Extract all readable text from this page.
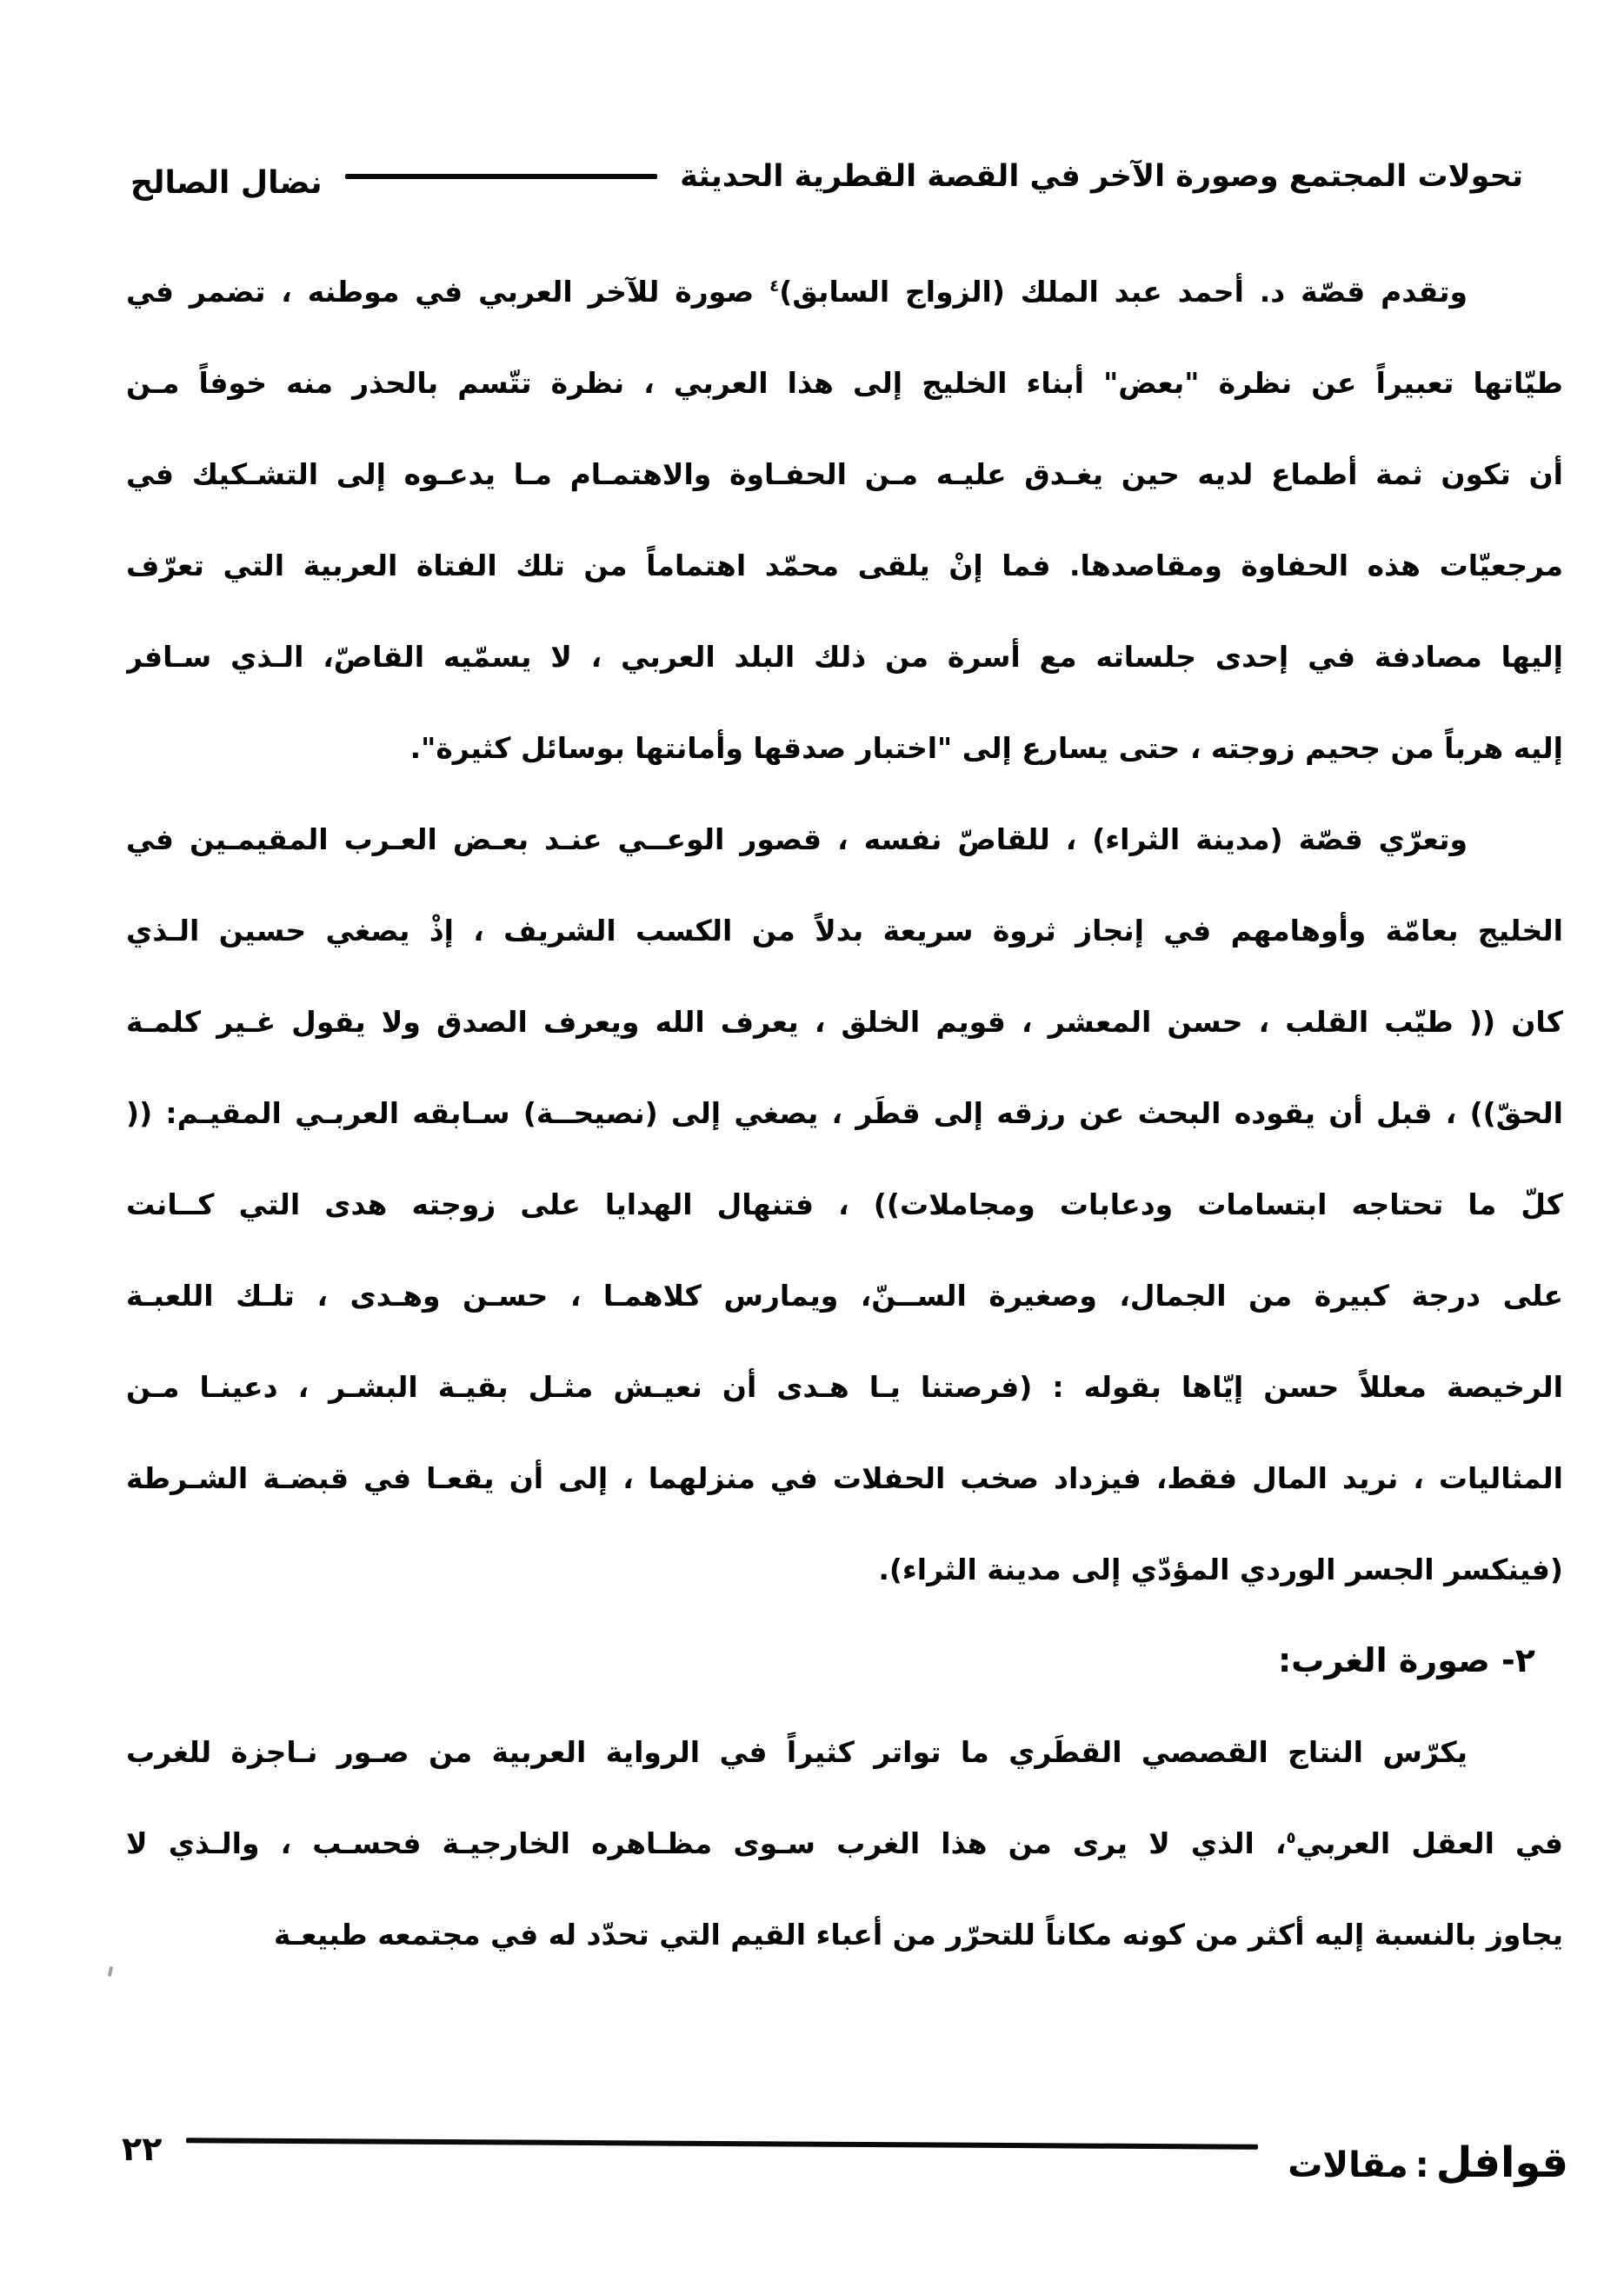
تحولات المجتمع وصورة الآخر في القصة القطرية الحديثة
نضال الصالح
وتقدم قصّة د. أحمد عبد الملك (الزواج السابق)$^٤$ صورة للآخر العربي في موطنه ، تضمر في
طيّاتها تعبيراً عن نظرة "بعض" أبناء الخليج إلى هذا العربي ، نظرة تتّسم بالحذر منه خوفاً مـن
أن تكون ثمة أطماع لديه حين يغـدق عليـه مـن الحفـاوة والاهتمـام مـا يدعـوه إلى التشـكيك في
مرجعيّات هذه الحفاوة ومقاصدها. فما إنْ يلقى محمّد اهتماماً من تلك الفتاة العربية التي تعرّف
إليها مصادفة في إحدى جلساته مع أسرة من ذلك البلد العربي ، لا يسمّيه القاصّ، الـذي سـافر
إليه هرباً من جحيم زوجته ، حتى يسارع إلى "اختبار صدقها وأمانتها بوسائل كثيرة".
وتعرّي قصّة (مدينة الثراء) ، للقاصّ نفسه ، قصور الوعــي عنـد بعـض العـرب المقيمـين في
الخليج بعامّة وأوهامهم في إنجاز ثروة سريعة بدلاً من الكسب الشريف ، إذْ يصغي حسين الـذي
كان (( طيّب القلب ، حسن المعشر ، قويم الخلق ، يعرف الله ويعرف الصدق ولا يقول غـير كلمـة
الحقّ)) ، قبل أن يقوده البحث عن رزقه إلى قطَر ، يصغي إلى (نصيحــة) سـابقه العربـي المقيـم: ((
كلّ ما تحتاجه ابتسامات ودعابات ومجاملات)) ، فتنهال الهدايا على زوجته هدى التي كــانت
على درجة كبيرة من الجمال، وصغيرة الســنّ، ويمارس كلاهمـا ، حسـن وهـدى ، تلـك اللعبـة
الرخيصة معللاً حسن إيّاها بقوله : (فرصتنا يـا هـدى أن نعيـش مثـل بقيـة البشـر ، دعينـا مـن
المثاليات ، نريد المال فقط، فيزداد صخب الحفلات في منزلهما ، إلى أن يقعـا في قبضـة الشـرطة
(فينكسر الجسر الوردي المؤدّي إلى مدينة الثراء).
٢- صورة الغرب:
يكرّس النتاج القصصي القطَري ما تواتر كثيراً في الرواية العربية من صـور نـاجزة للغرب
في العقل العربي$^٥$، الذي لا يرى من هذا الغرب سـوى مظـاهره الخارجيـة فحسـب ، والـذي لا
يجاوز بالنسبة إليه أكثر من كونه مكاناً للتحرّر من أعباء القيم التي تحدّد له في مجتمعه طبيعـة
قوافل:مقالات
٢٢
